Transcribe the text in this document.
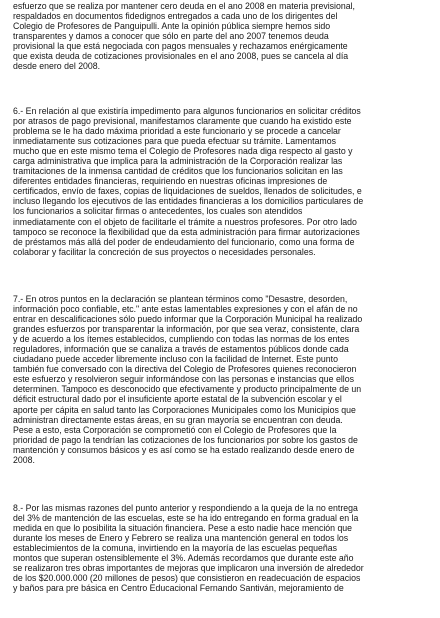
esfuerzo que se realiza por mantener cero deuda en el ano 2008 en materia previsional,
respaldados en documentos fidedignos entregados a cada uno de los dirigentes del
Colegio de Profesores de Panguipulli. Ante la opinión pública siempre hemos sido
transparentes y damos a conocer que sólo en parte del ano 2007 tenemos deuda
provisional la que está negociada con pagos mensuales y rechazamos enérgicamente
que exista deuda de cotizaciones provisionales en el ano 2008, pues se cancela al día
desde enero del 2008.
6.- En relación al que existiría impedimento para algunos funcionarios en solicitar créditos
por atrasos de pago previsional, manifestamos claramente que cuando ha existido este
problema se le ha dado máxima prioridad a este funcionario y se procede a cancelar
inmediatamente sus cotizaciones para que pueda efectuar su trámite. Lamentamos
mucho que en este mismo tema el Colegio de Profesores nada diga respecto al gasto y
carga administrativa que implica para la administración de la Corporación realizar las
tramitaciones de la inmensa cantidad de créditos que los funcionarios solicitan en las
diferentes entidades financieras, requiriendo en nuestras oficinas impresiones de
certificados, envío de faxes, copias de liquidaciones de sueldos, llenados de solicitudes, e
incluso llegando los ejecutivos de las entidades financieras a los domicilios particulares de
los funcionarios a solicitar firmas o antecedentes, los cuales son atendidos
inmediatamente con el objeto de facilitarle el trámite a nuestros profesores. Por otro lado
tampoco se reconoce la flexibilidad que da esta administración para firmar autorizaciones
de préstamos más allá del poder de endeudamiento del funcionario, como una forma de
colaborar y facilitar la concreción de sus proyectos o necesidades personales.
7.- En otros puntos en la declaración se plantean términos como "Desastre, desorden,
información poco confiable, etc." ante estas lamentables expresiones y con el afán de no
entrar en descalificaciones sólo puedo informar que la Corporación Municipal ha realizado
grandes esfuerzos por transparentar la información, por que sea veraz, consistente, clara
y de acuerdo a los ítemes establecidos, cumpliendo con todas las normas de los entes
reguladores, información que se canaliza a través de estamentos públicos donde cada
ciudadano puede acceder libremente incluso con la facilidad de Internet. Este punto
también fue conversado con la directiva del Colegio de Profesores quienes reconocieron
este esfuerzo y resolvieron seguir informándose con las personas e instancias que ellos
determinen. Tampoco es desconocido que efectivamente y producto principalmente de un
déficit estructural dado por el insuficiente aporte estatal de la subvención escolar y el
aporte per cápita en salud tanto las Corporaciones Municipales como los Municipios que
administran directamente estas áreas, en su gran mayoría se encuentran con deuda.
Pese a esto, esta Corporación se comprometió con el Colegio de Profesores que la
prioridad de pago la tendrían las cotizaciones de los funcionarios por sobre los gastos de
mantención y consumos básicos y es así como se ha estado realizando desde enero de
2008.
8.- Por las mismas razones del punto anterior y respondiendo a la queja de la no entrega
del 3% de mantención de las escuelas, este se ha ido entregando en forma gradual en la
medida en que lo posibilita la situación financiera. Pese a esto nadie hace mención que
durante los meses de Enero y Febrero se realiza una mantención general en todos los
establecimientos de la comuna, invirtiendo en la mayoría de las escuelas pequeñas
montos que superan ostensiblemente el 3%. Además recordamos que durante este año
se realizaron tres obras importantes de mejoras que implicaron una inversión de alrededor
de los $20.000.000 (20 millones de pesos) que consistieron en readecuación de espacios
y baños para pre básica en Centro Educacional Fernando Santiván, mejoramiento de
